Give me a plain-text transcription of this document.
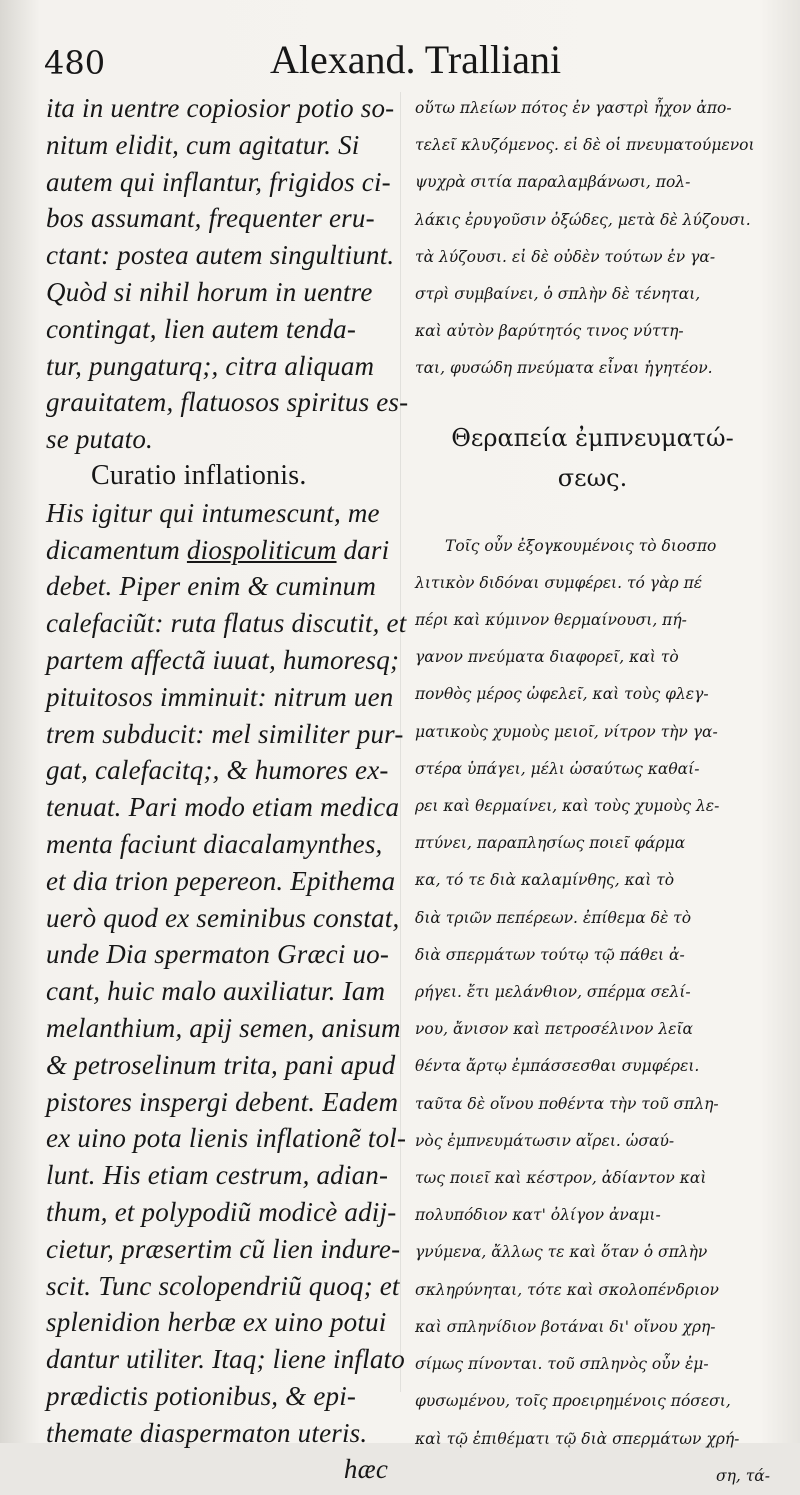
480	Alexand. Tralliani
ita in uentre copiosior potio so-
nitum elidit, cum agitatur. Si
autem qui inflantur, frigidos ci-
bos assumant, frequenter eru-
ctant: postea autem singultiunt.
Quòd si nihil horum in uentre
contingat, lien autem tenda-
tur, pungaturq;, citra aliquam
grauitatem, flatuosos spiritus es-
se putato.
Curatio inflationis.
His igitur qui intumescunt, me
dicamentum diospoliticum dari
debet. Piper enim & cuminum
calefaciũt: ruta flatus discutit, et
partem affectã iuuat, humoresq;
pituitosos imminuit: nitrum uen
trem subducit: mel similiter pur-
gat, calefacitq;, & humores ex-
tenuat. Pari modo etiam medica
menta faciunt diacalamynthes,
et dia trion pepereon. Epithema
uerò quod ex seminibus constat,
unde Dia spermaton Græci uo-
cant, huic malo auxiliatur. Iam
melanthium, apij semen, anisum
& petroselinum trita, pani apud
pistores inspergi debent. Eadem
ex uino pota lienis inflationẽ tol-
lunt. His etiam cestrum, adian-
thum, et polypodiũ modicè adij-
cietur, præsertim cũ lien indure-
scit. Tunc scolopendriũ quoq; et
splenidion herbæ ex uino potui
dantur utiliter. Itaq; liene inflato
prædictis potionibus, & epi-
themate diaspermaton uteris.
hæc
οὕτω πλείων πότος ἐν γαστρὶ ἦχον ἀπο-
τελεῖ κλυζόμενος. εἰ δὲ οἱ πνευματούμενοι
ψυχρὰ σιτία παραλαμβάνωσι, πολ-
λάκις ἐρυγοῦσιν ὀξώδες, μετὰ δὲ λύζουσι.
τὰ λύζουσι. εἰ δὲ οὐδὲν τούτων ἐν γα-
στρὶ συμβαίνει, ὁ σπλὴν δὲ τένηται,
καὶ αὐτὸν βαρύτητός τινος νύττη-
ται, φυσώδη πνεύματα εἶναι ἡγητέον.
Θεραπεία ἐμπνευματώ-
σεως.
Τοῖς οὖν ἐξογκουμένοις τὸ διοσπο
λιτικὸν διδόναι συμφέρει. τό γὰρ πέ
πέρι καὶ κύμινον θερμαίνουσι, πή-
γανον πνεύματα διαφορεῖ, καὶ τὸ
πονθὸς μέρος ὠφελεῖ, καὶ τοὺς φλεγ-
ματικοὺς χυμοὺς μειοῖ, νίτρον τὴν γα-
στέρα ὑπάγει, μέλι ὡσαύτως καθαί-
ρει καὶ θερμαίνει, καὶ τοὺς χυμοὺς λε-
πτύνει, παραπλησίως ποιεῖ φάρμα
κα, τό τε διὰ καλαμίνθης, καὶ τὸ
διὰ τριῶν πεπέρεων. ἐπίθεμα δὲ τὸ
διὰ σπερμάτων τούτῳ τῷ πάθει ἀ-
ρήγει. ἔτι μελάνθιον, σπέρμα σελί-
νου, ἄνισον καὶ πετροσέλινον λεῖα
θέντα ἄρτῳ ἐμπάσσεσθαι συμφέρει.
ταῦτα δὲ οἴνου ποθέντα τὴν τοῦ σπλη-
νὸς ἐμπνευμάτωσιν αἴρει. ὡσαύ-
τως ποιεῖ καὶ κέστρον, ἀδίαντον καὶ
πολυπόδιον κατ' ὀλίγον ἀναμι-
γνύμενα, ἄλλως τε καὶ ὅταν ὁ σπλὴν
σκληρύνηται, τότε καὶ σκολοπένδριον
καὶ σπληνίδιον βοτάναι δι' οἴνου χρη-
σίμως πίνονται. τοῦ σπληνὸς οὖν ἐμ-
φυσωμένου, τοῖς προειρημένοις πόσεσι,
καὶ τῷ ἐπιθέματι τῷ διὰ σπερμάτων χρή-
ση, τά-
